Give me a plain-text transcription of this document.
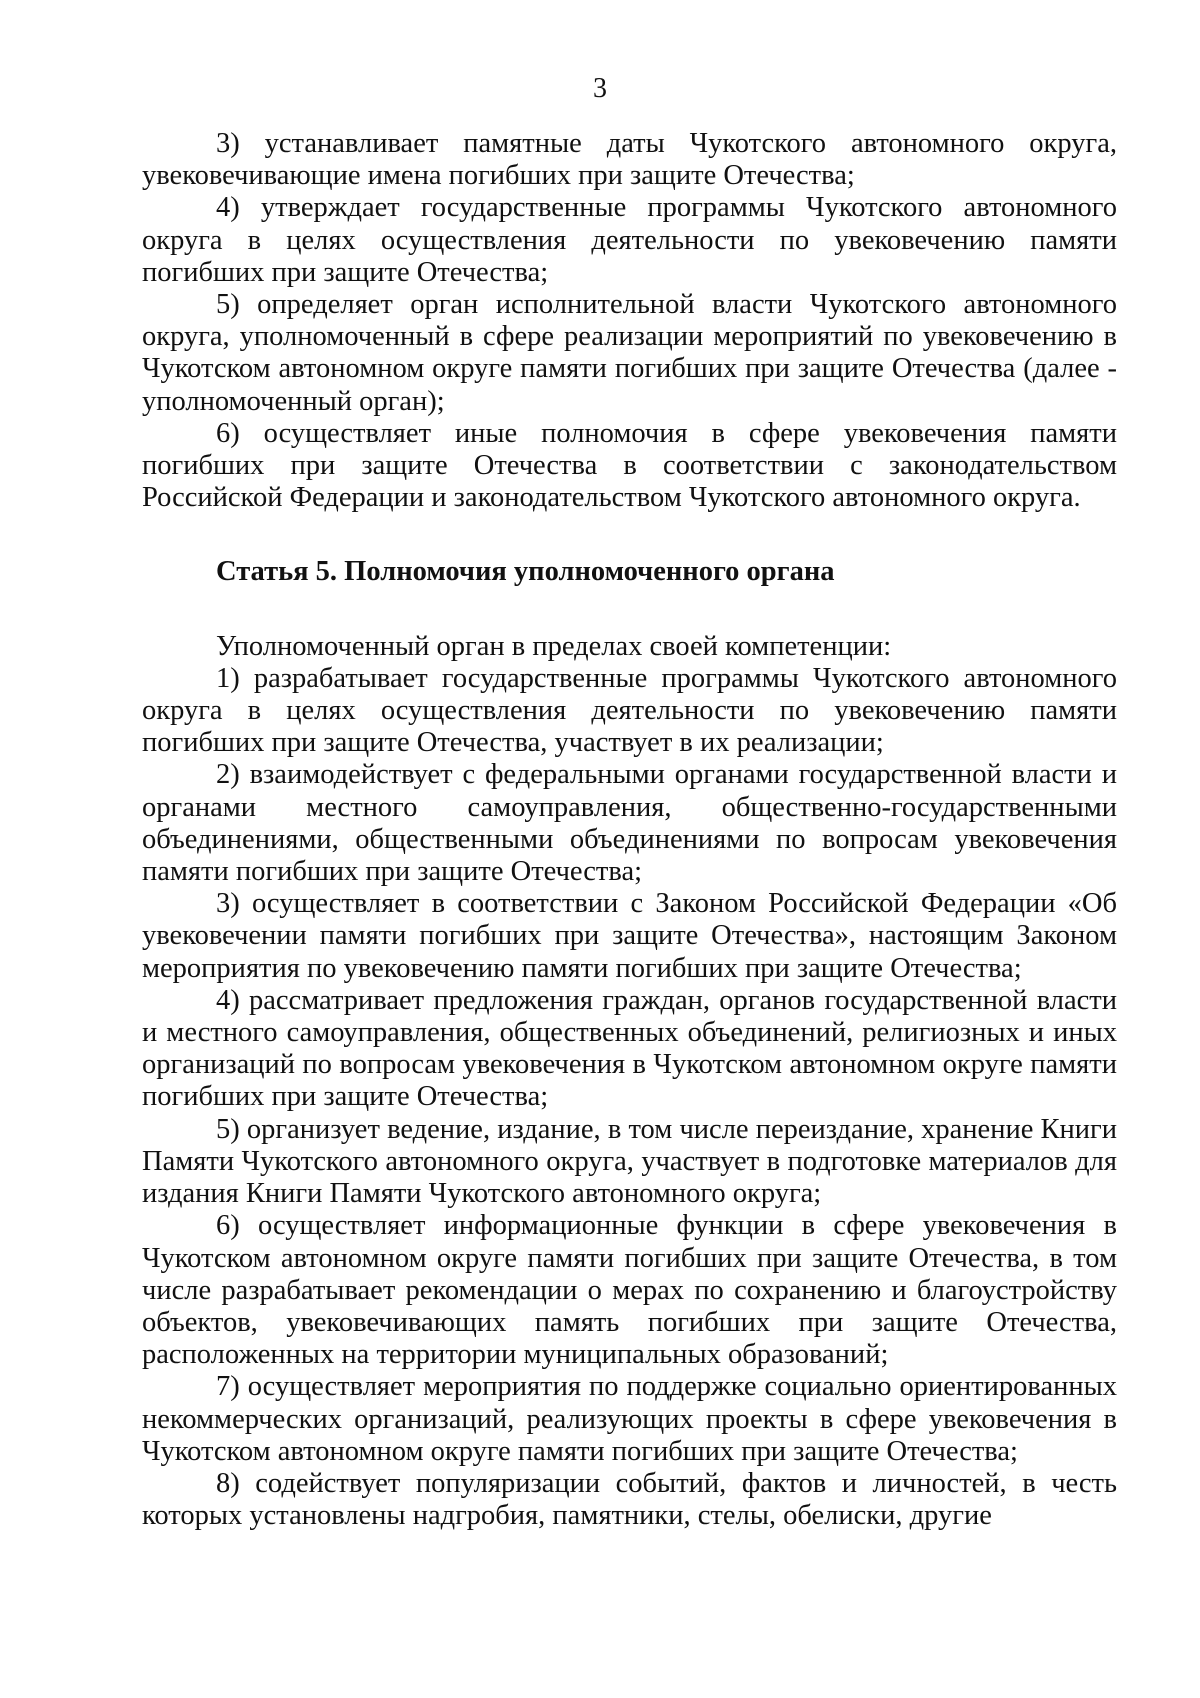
3

3) устанавливает памятные даты Чукотского автономного округа, увековечивающие имена погибших при защите Отечества;

4) утверждает государственные программы Чукотского автономного округа в целях осуществления деятельности по увековечению памяти погибших при защите Отечества;

5) определяет орган исполнительной власти Чукотского автономного округа, уполномоченный в сфере реализации мероприятий по увековечению в Чукотском автономном округе памяти погибших при защите Отечества (далее - уполномоченный орган);

6) осуществляет иные полномочия в сфере увековечения памяти погибших при защите Отечества в соответствии с законодательством Российской Федерации и законодательством Чукотского автономного округа.

Статья 5. Полномочия уполномоченного органа

Уполномоченный орган в пределах своей компетенции:

1) разрабатывает государственные программы Чукотского автономного округа в целях осуществления деятельности по увековечению памяти погибших при защите Отечества, участвует в их реализации;

2) взаимодействует с федеральными органами государственной власти и органами местного самоуправления, общественно-государственными объединениями, общественными объединениями по вопросам увековечения памяти погибших при защите Отечества;

3) осуществляет в соответствии с Законом Российской Федерации «Об увековечении памяти погибших при защите Отечества», настоящим Законом мероприятия по увековечению памяти погибших при защите Отечества;

4) рассматривает предложения граждан, органов государственной власти и местного самоуправления, общественных объединений, религиозных и иных организаций по вопросам увековечения в Чукотском автономном округе памяти погибших при защите Отечества;

5) организует ведение, издание, в том числе переиздание, хранение Книги Памяти Чукотского автономного округа, участвует в подготовке материалов для издания Книги Памяти Чукотского автономного округа;

6) осуществляет информационные функции в сфере увековечения в Чукотском автономном округе памяти погибших при защите Отечества, в том числе разрабатывает рекомендации о мерах по сохранению и благоустройству объектов, увековечивающих память погибших при защите Отечества, расположенных на территории муниципальных образований;

7) осуществляет мероприятия по поддержке социально ориентированных некоммерческих организаций, реализующих проекты в сфере увековечения в Чукотском автономном округе памяти погибших при защите Отечества;

8) содействует популяризации событий, фактов и личностей, в честь которых установлены надгробия, памятники, стелы, обелиски, другие
